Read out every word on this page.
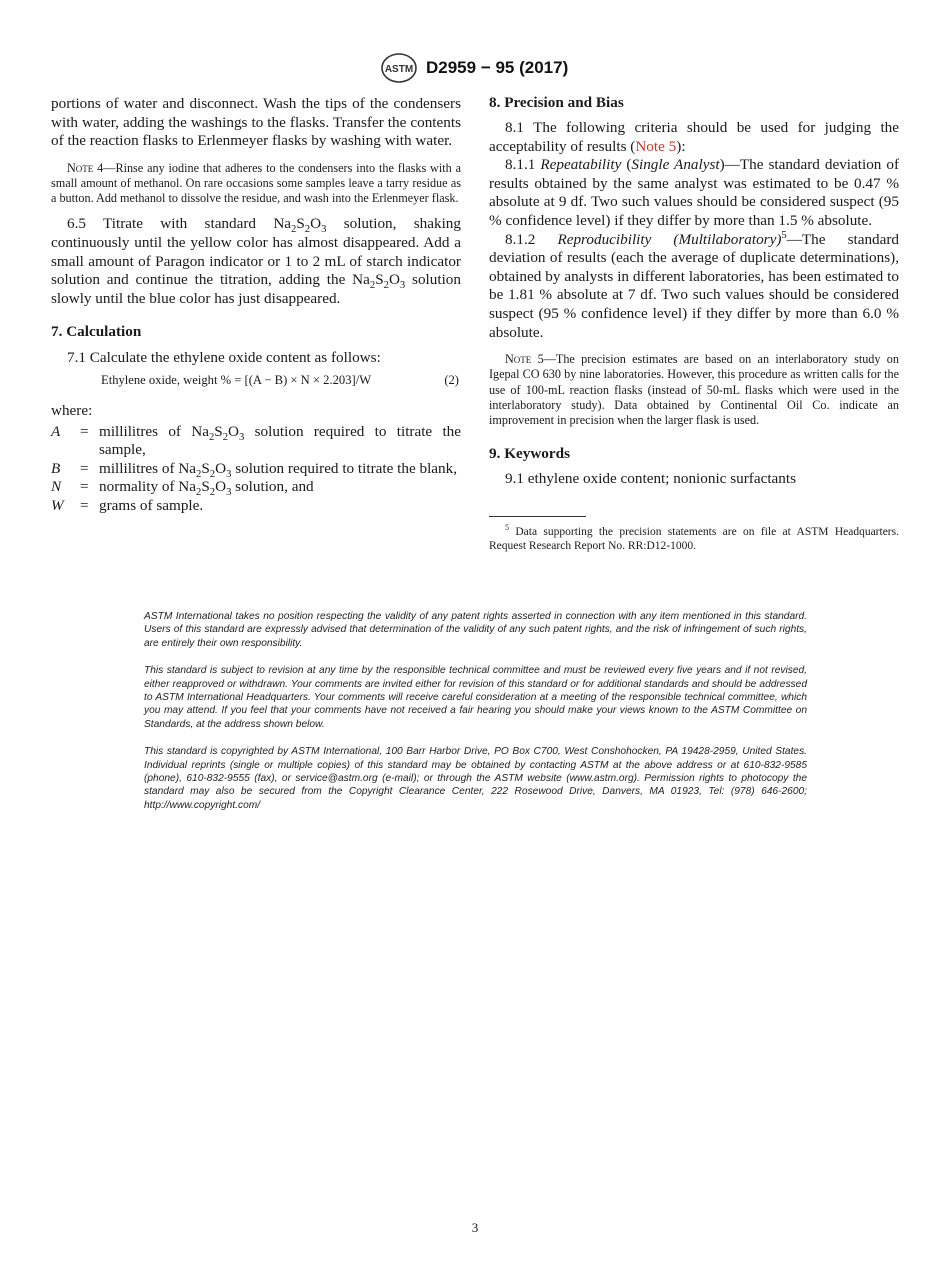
ASTM D2959 − 95 (2017)

portions of water and disconnect. Wash the tips of the condensers with water, adding the washings to the flasks. Transfer the contents of the reaction flasks to Erlenmeyer flasks by washing with water.

Note 4—Rinse any iodine that adheres to the condensers into the flasks with a small amount of methanol. On rare occasions some samples leave a tarry residue as a button. Add methanol to dissolve the residue, and wash into the Erlenmeyer flask.

6.5 Titrate with standard $Na_2S_2O_3$ solution, shaking continuously until the yellow color has almost disappeared. Add a small amount of Paragon indicator or 1 to 2 mL of starch indicator solution and continue the titration, adding the $Na_2S_2O_3$ solution slowly until the blue color has just disappeared.

7. Calculation

7.1 Calculate the ethylene oxide content as follows:

Ethylene oxide, weight % = [(A − B) × N × 2.203]/W	(2)

where:

A = millilitres of $Na_2S_2O_3$ solution required to titrate the sample,
B = millilitres of $Na_2S_2O_3$ solution required to titrate the blank,
N = normality of $Na_2S_2O_3$ solution, and
W = grams of sample.

8. Precision and Bias

8.1 The following criteria should be used for judging the acceptability of results (Note 5):

8.1.1 Repeatability (Single Analyst)—The standard deviation of results obtained by the same analyst was estimated to be 0.47 % absolute at 9 df. Two such values should be considered suspect (95 % confidence level) if they differ by more than 1.5 % absolute.

8.1.2 Reproducibility (Multilaboratory)$^5$—The standard deviation of results (each the average of duplicate determinations), obtained by analysts in different laboratories, has been estimated to be 1.81 % absolute at 7 df. Two such values should be considered suspect (95 % confidence level) if they differ by more than 6.0 % absolute.

Note 5—The precision estimates are based on an interlaboratory study on Igepal CO 630 by nine laboratories. However, this procedure as written calls for the use of 100-mL reaction flasks (instead of 50-mL flasks which were used in the interlaboratory study). Data obtained by Continental Oil Co. indicate an improvement in precision when the larger flask is used.

9. Keywords

9.1 ethylene oxide content; nonionic surfactants

$^5$ Data supporting the precision statements are on file at ASTM Headquarters. Request Research Report No. RR:D12-1000.

ASTM International takes no position respecting the validity of any patent rights asserted in connection with any item mentioned in this standard. Users of this standard are expressly advised that determination of the validity of any such patent rights, and the risk of infringement of such rights, are entirely their own responsibility.

This standard is subject to revision at any time by the responsible technical committee and must be reviewed every five years and if not revised, either reapproved or withdrawn. Your comments are invited either for revision of this standard or for additional standards and should be addressed to ASTM International Headquarters. Your comments will receive careful consideration at a meeting of the responsible technical committee, which you may attend. If you feel that your comments have not received a fair hearing you should make your views known to the ASTM Committee on Standards, at the address shown below.

This standard is copyrighted by ASTM International, 100 Barr Harbor Drive, PO Box C700, West Conshohocken, PA 19428-2959, United States. Individual reprints (single or multiple copies) of this standard may be obtained by contacting ASTM at the above address or at 610-832-9585 (phone), 610-832-9555 (fax), or service@astm.org (e-mail); or through the ASTM website (www.astm.org). Permission rights to photocopy the standard may also be secured from the Copyright Clearance Center, 222 Rosewood Drive, Danvers, MA 01923, Tel: (978) 646-2600; http://www.copyright.com/

3
